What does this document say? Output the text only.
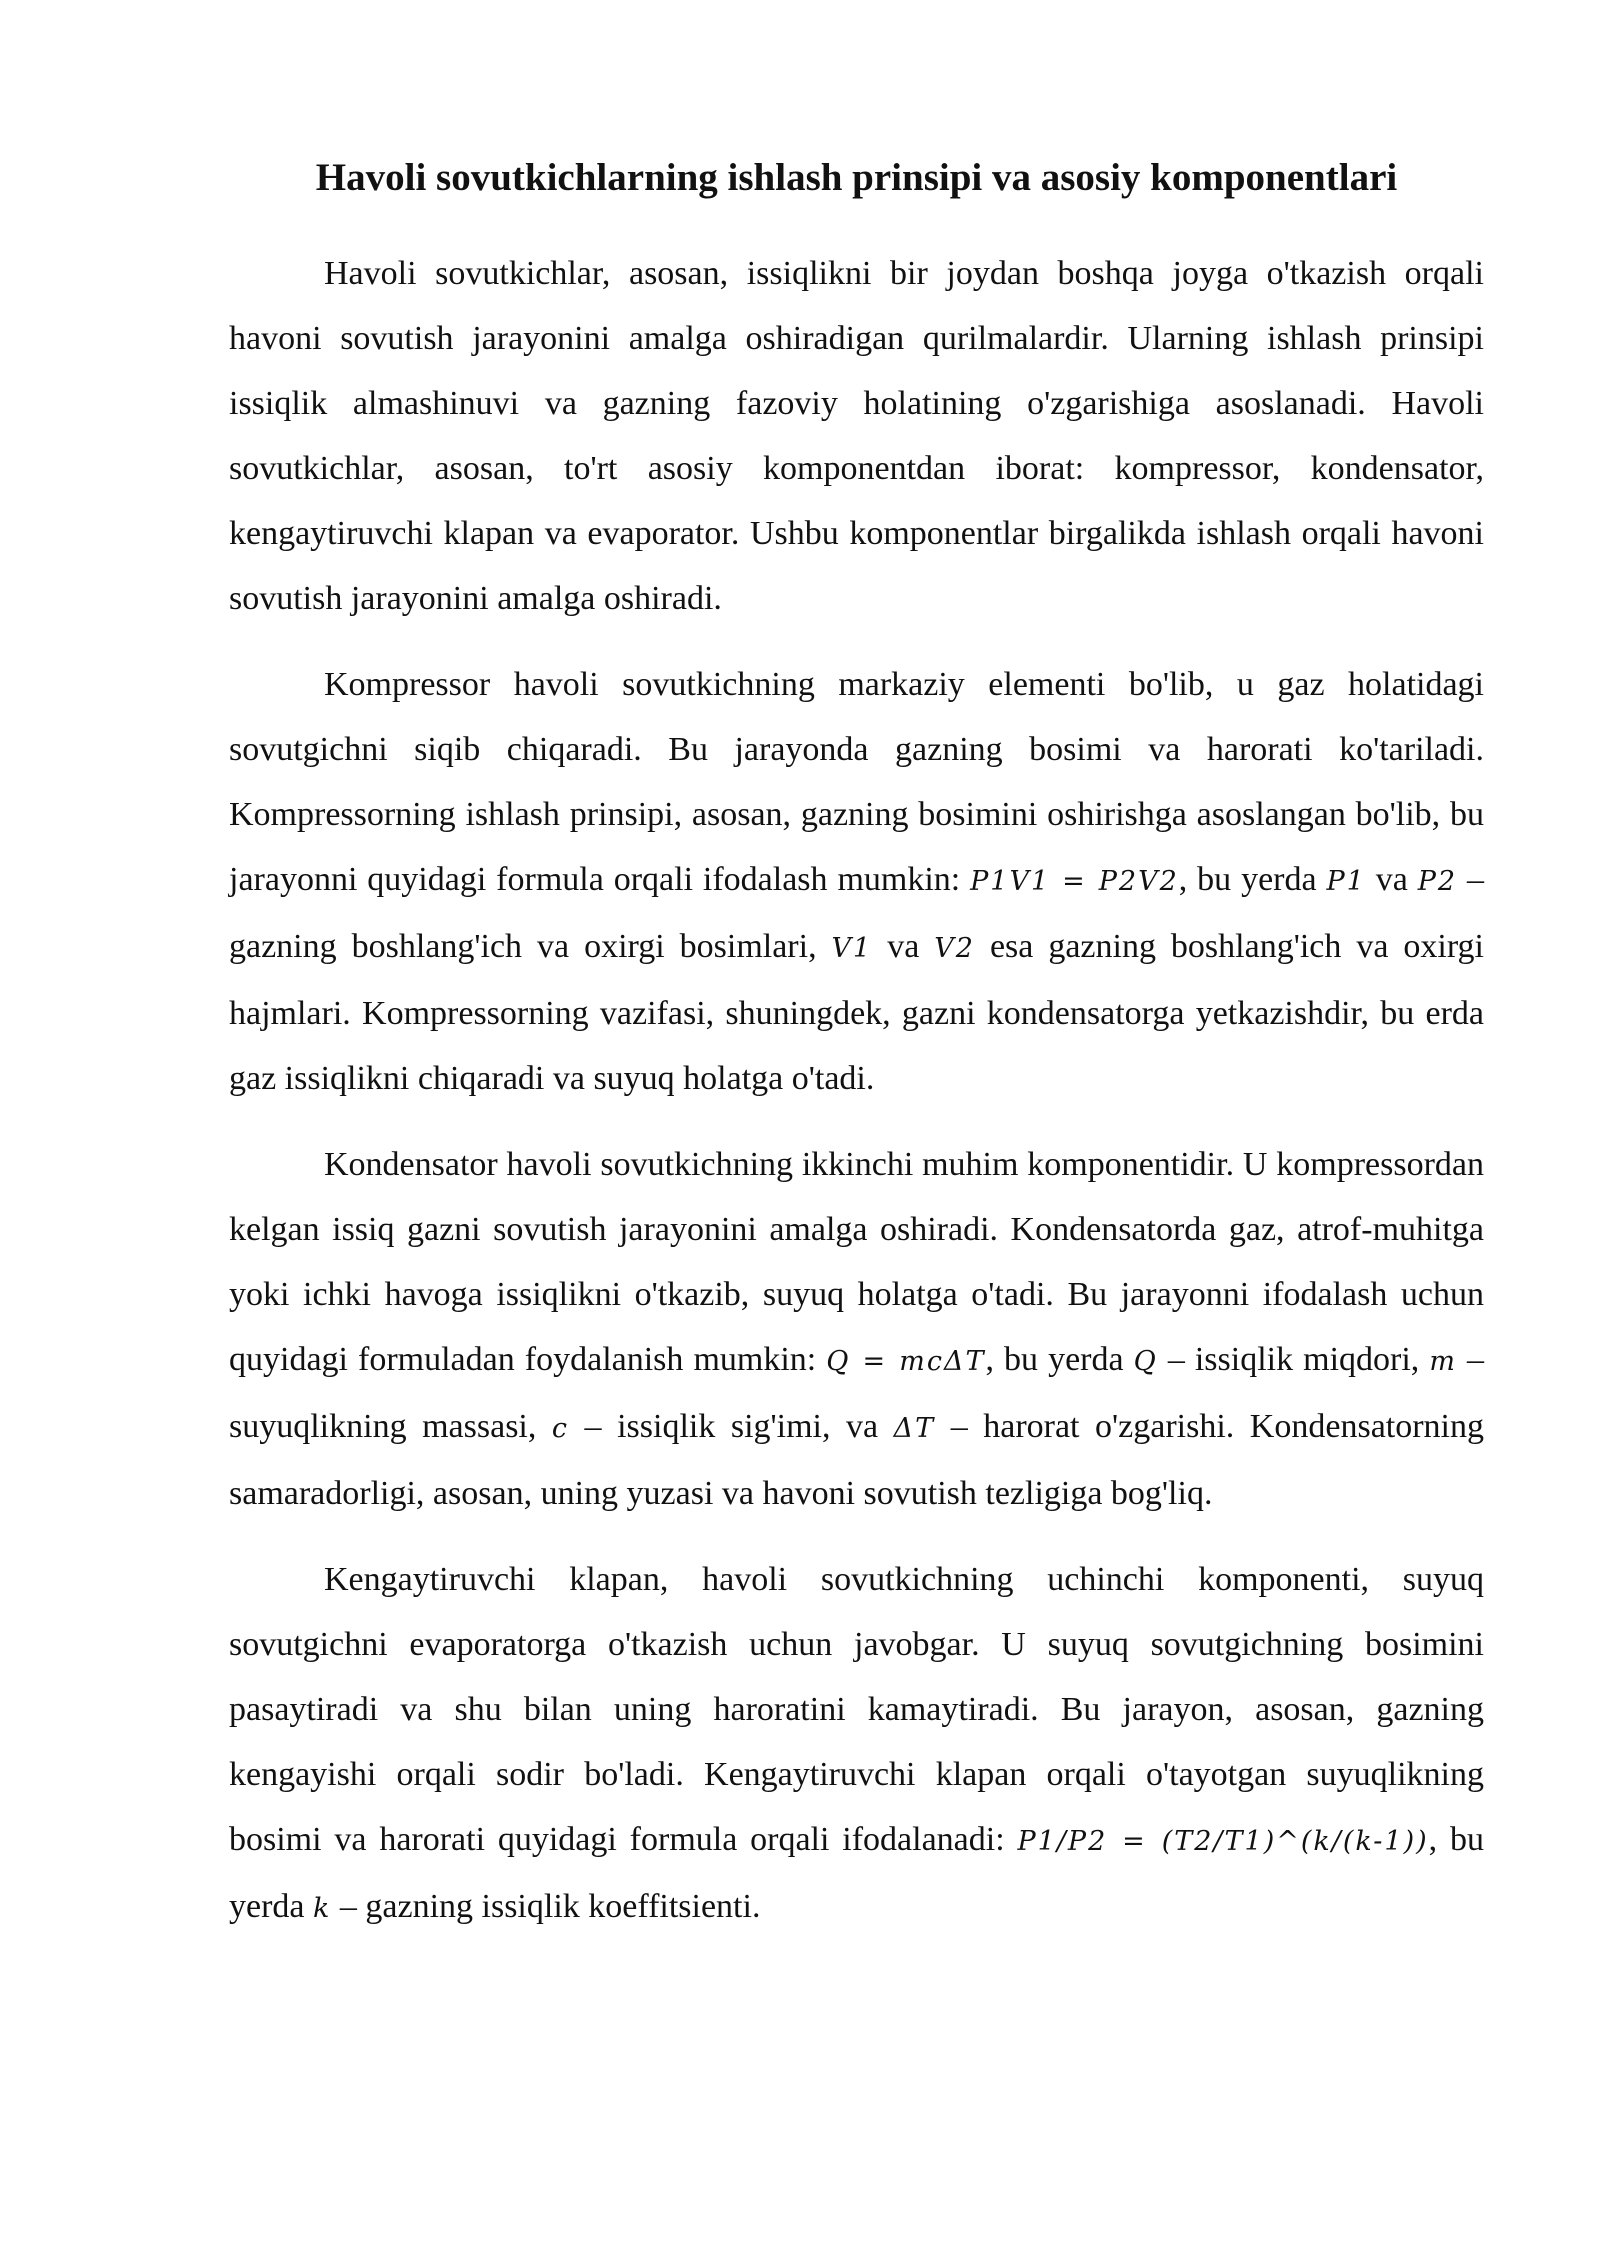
Havoli sovutkichlarning ishlash prinsipi va asosiy komponentlari

Havoli sovutkichlar, asosan, issiqlikni bir joydan boshqa joyga o'tkazish orqali havoni sovutish jarayonini amalga oshiradigan qurilmalardir. Ularning ishlash prinsipi issiqlik almashinuvi va gazning fazoviy holatining o'zgarishiga asoslanadi. Havoli sovutkichlar, asosan, to'rt asosiy komponentdan iborat: kompressor, kondensator, kengaytiruvchi klapan va evaporator. Ushbu komponentlar birgalikda ishlash orqali havoni sovutish jarayonini amalga oshiradi.

Kompressor havoli sovutkichning markaziy elementi bo'lib, u gaz holatidagi sovutgichni siqib chiqaradi. Bu jarayonda gazning bosimi va harorati ko'tariladi. Kompressorning ishlash prinsipi, asosan, gazning bosimini oshirishga asoslangan bo'lib, bu jarayonni quyidagi formula orqali ifodalash mumkin: P1V1 = P2V2, bu yerda P1 va P2 – gazning boshlang'ich va oxirgi bosimlari, V1 va V2 esa gazning boshlang'ich va oxirgi hajmlari. Kompressorning vazifasi, shuningdek, gazni kondensatorga yetkazishdir, bu erda gaz issiqlikni chiqaradi va suyuq holatga o'tadi.

Kondensator havoli sovutkichning ikkinchi muhim komponentidir. U kompressordan kelgan issiq gazni sovutish jarayonini amalga oshiradi. Kondensatorda gaz, atrof-muhitga yoki ichki havoga issiqlikni o'tkazib, suyuq holatga o'tadi. Bu jarayonni ifodalash uchun quyidagi formuladan foydalanish mumkin: Q = mcΔT, bu yerda Q – issiqlik miqdori, m – suyuqlikning massasi, c – issiqlik sig'imi, va ΔT – harorat o'zgarishi. Kondensatorning samaradorligi, asosan, uning yuzasi va havoni sovutish tezligiga bog'liq.

Kengaytiruvchi klapan, havoli sovutkichning uchinchi komponenti, suyuq sovutgichni evaporatorga o'tkazish uchun javobgar. U suyuq sovutgichning bosimini pasaytiradi va shu bilan uning haroratini kamaytiradi. Bu jarayon, asosan, gazning kengayishi orqali sodir bo'ladi. Kengaytiruvchi klapan orqali o'tayotgan suyuqlikning bosimi va harorati quyidagi formula orqali ifodalanadi: P1/P2 = (T2/T1)^(k/(k-1)), bu yerda k – gazning issiqlik koeffitsienti.
